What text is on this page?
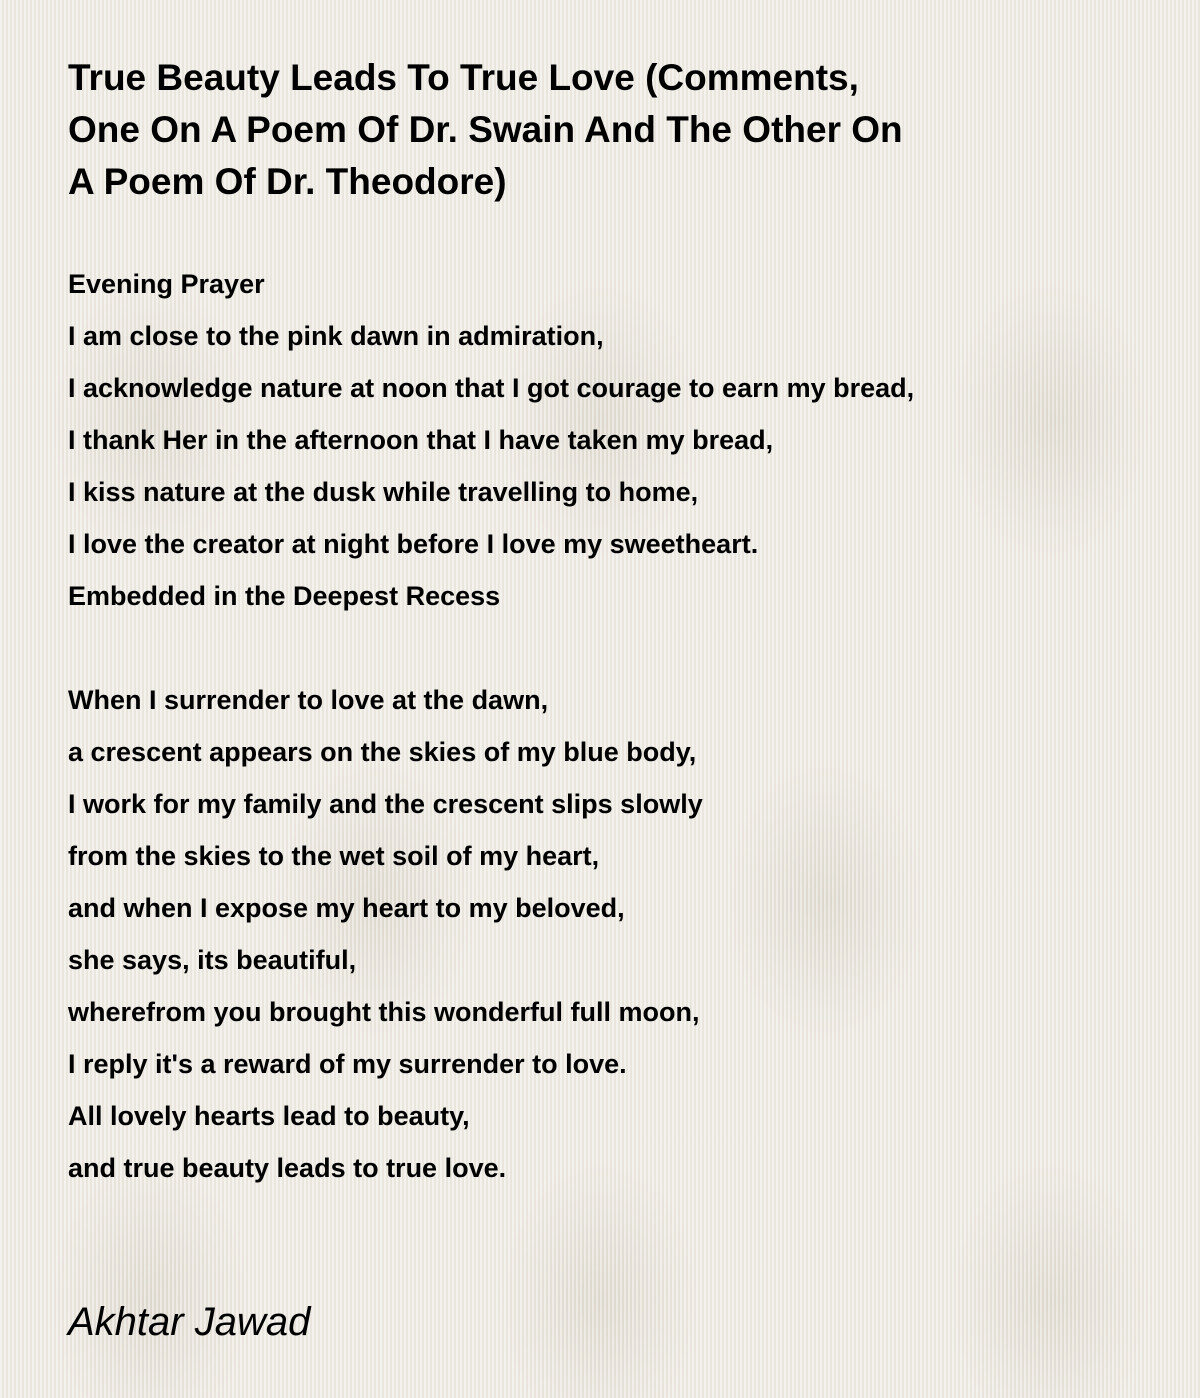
True Beauty Leads To True Love (Comments,
One On A Poem Of Dr. Swain And The Other On
A Poem Of Dr. Theodore)
Evening Prayer
I am close to the pink dawn in admiration,
I acknowledge nature at noon that I got courage to earn my bread,
I thank Her in the afternoon that I have taken my bread,
I kiss nature at the dusk while travelling to home,
I love the creator at night before I love my sweetheart.
Embedded in the Deepest Recess
When I surrender to love at the dawn,
a crescent appears on the skies of my blue body,
I work for my family and the crescent slips slowly
from the skies to the wet soil of my heart,
and when I expose my heart to my beloved,
she says, its beautiful,
wherefrom you brought this wonderful full moon,
I reply it's a reward of my surrender to love.
All lovely hearts lead to beauty,
and true beauty leads to true love.
Akhtar Jawad
